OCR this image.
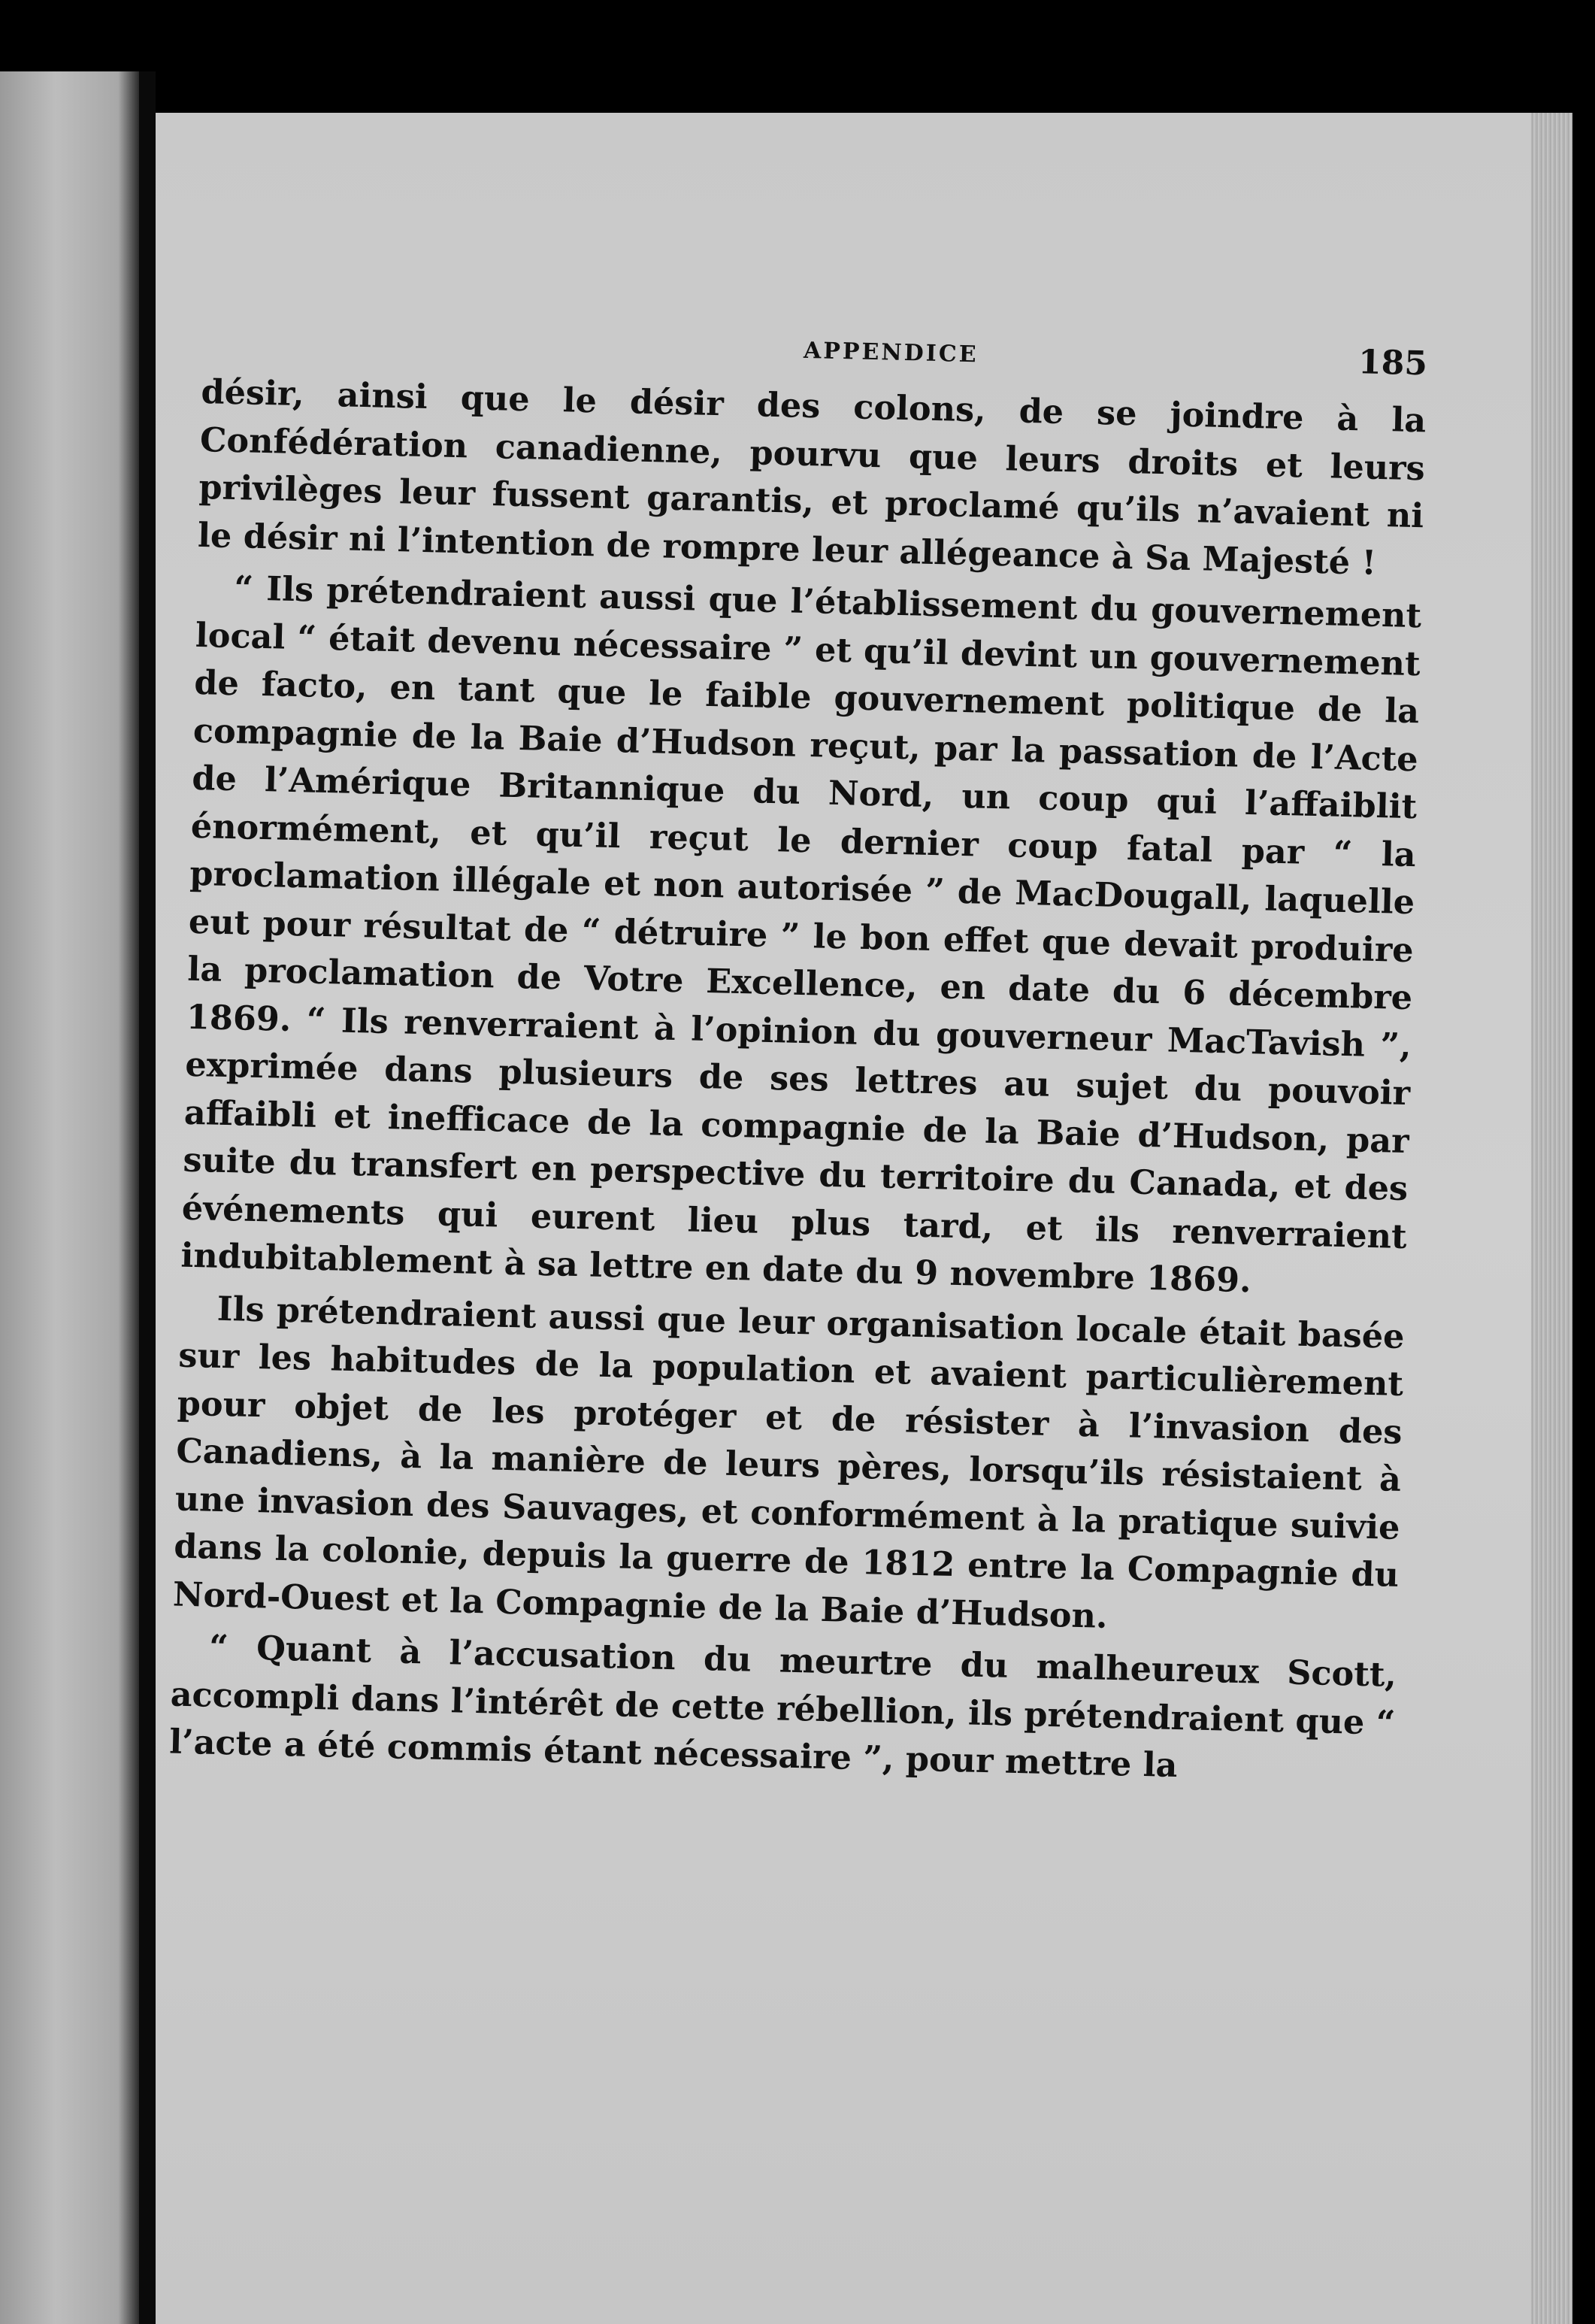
APPENDICE	185

désir, ainsi que le désir des colons, de se joindre à la Confédération canadienne, pourvu que leurs droits et leurs privilèges leur fussent garantis, et proclamé qu’ils n’avaient ni le désir ni l’intention de rompre leur allégeance à Sa Majesté !

“ Ils prétendraient aussi que l’établissement du gouvernement local “ était devenu nécessaire ” et qu’il devint un gouvernement de facto, en tant que le faible gouvernement politique de la compagnie de la Baie d’Hudson reçut, par la passation de l’Acte de l’Amérique Britannique du Nord, un coup qui l’affaiblit énormément, et qu’il reçut le dernier coup fatal par “ la proclamation illégale et non autorisée ” de MacDougall, laquelle eut pour résultat de “ détruire ” le bon effet que devait produire la proclamation de Votre Excellence, en date du 6 décembre 1869. “ Ils renverraient à l’opinion du gouverneur MacTavish ”, exprimée dans plusieurs de ses lettres au sujet du pouvoir affaibli et inefficace de la compagnie de la Baie d’Hudson, par suite du transfert en perspective du territoire du Canada, et des événements qui eurent lieu plus tard, et ils renverraient indubitablement à sa lettre en date du 9 novembre 1869.

Ils prétendraient aussi que leur organisation locale était basée sur les habitudes de la population et avaient particulièrement pour objet de les protéger et de résister à l’invasion des Canadiens, à la manière de leurs pères, lorsqu’ils résistaient à une invasion des Sauvages, et conformément à la pratique suivie dans la colonie, depuis la guerre de 1812 entre la Compagnie du Nord-Ouest et la Compagnie de la Baie d’Hudson.

“ Quant à l’accusation du meurtre du malheureux Scott, accompli dans l’intérêt de cette rébellion, ils prétendraient que “ l’acte a été commis étant nécessaire ”, pour mettre la
